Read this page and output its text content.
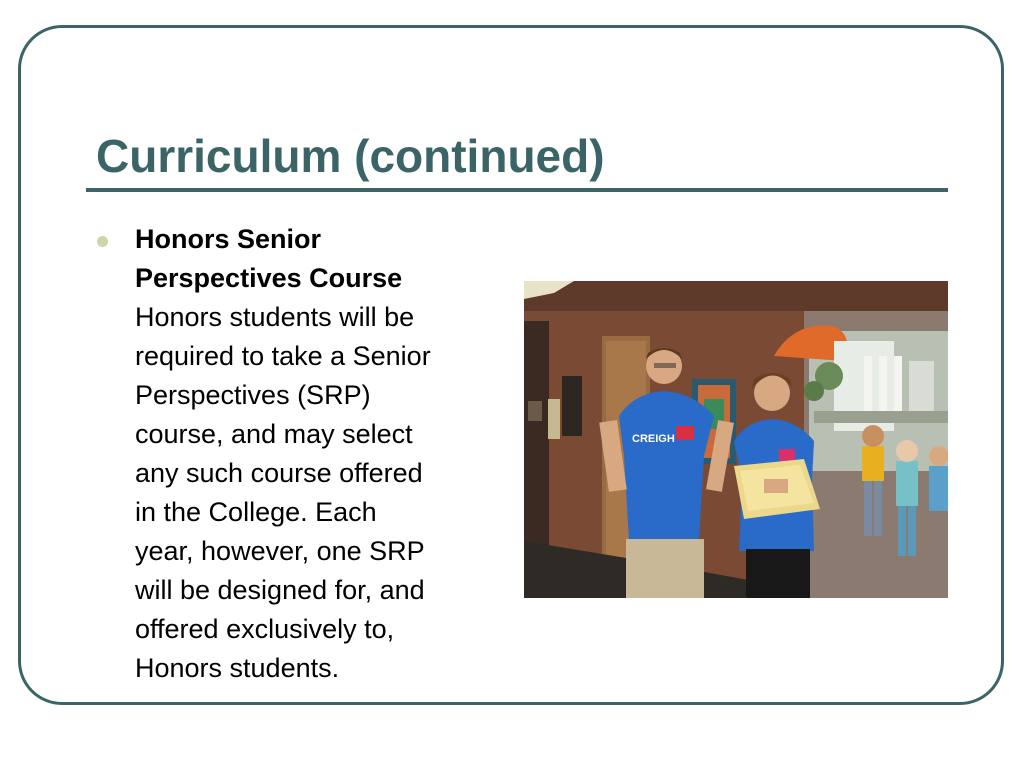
Curriculum (continued)
Honors Senior
Perspectives Course
Honors students will be
required to take a Senior
Perspectives (SRP)
course, and may select
any such course offered
in the College. Each
year, however, one SRP
will be designed for, and
offered exclusively to,
Honors students.
CREIGH
